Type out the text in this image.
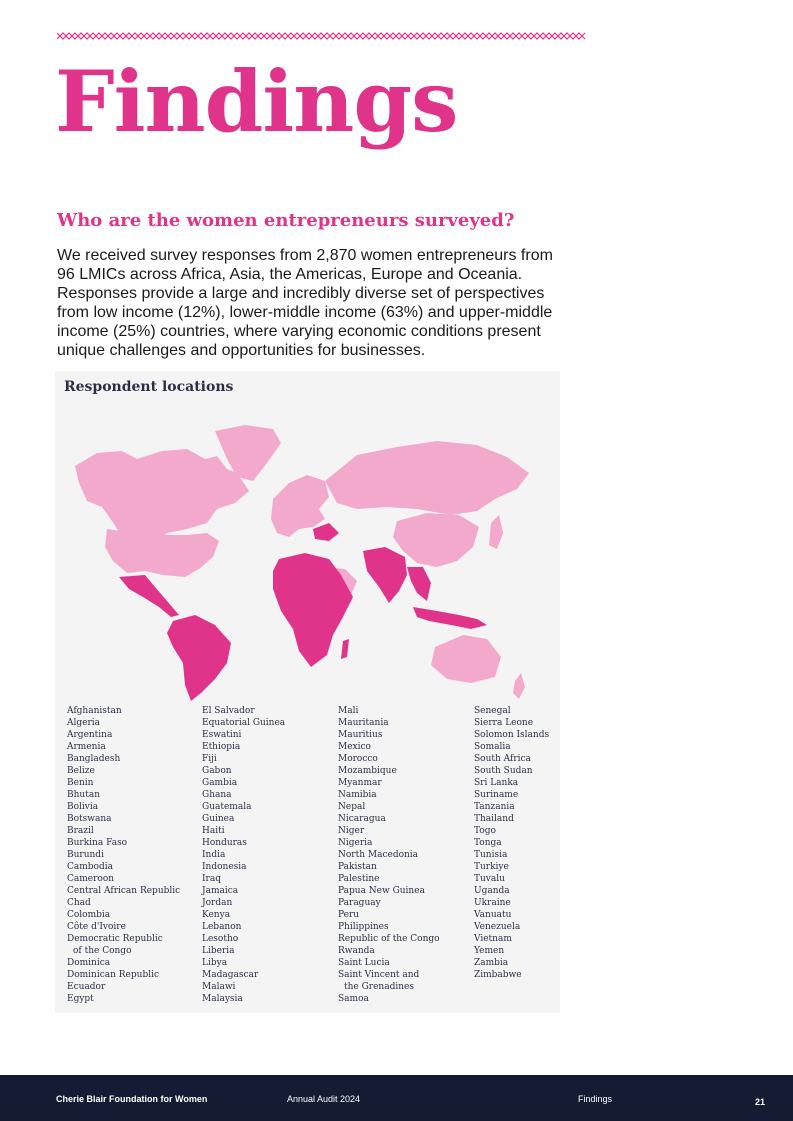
Findings
Who are the women entrepreneurs surveyed?

We received survey responses from 2,870 women entrepreneurs from 96 LMICs across Africa, Asia, the Americas, Europe and Oceania. Responses provide a large and incredibly diverse set of perspectives from low income (12%), lower-middle income (63%) and upper-middle income (25%) countries, where varying economic conditions present unique challenges and opportunities for businesses.

Respondent locations
Afghanistan
Algeria
Argentina
Armenia
Bangladesh
Belize
Benin
Bhutan
Bolivia
Botswana
Brazil
Burkina Faso
Burundi
Cambodia
Cameroon
Central African Republic
Chad
Colombia
Côte d'Ivoire
Democratic Republic
of the Congo
Dominica
Dominican Republic
Ecuador
Egypt
El Salvador
Equatorial Guinea
Eswatini
Ethiopia
Fiji
Gabon
Gambia
Ghana
Guatemala
Guinea
Haiti
Honduras
India
Indonesia
Iraq
Jamaica
Jordan
Kenya
Lebanon
Lesotho
Liberia
Libya
Madagascar
Malawi
Malaysia
Mali
Mauritania
Mauritius
Mexico
Morocco
Mozambique
Myanmar
Namibia
Nepal
Nicaragua
Niger
Nigeria
North Macedonia
Pakistan
Palestine
Papua New Guinea
Paraguay
Peru
Philippines
Republic of the Congo
Rwanda
Saint Lucia
Saint Vincent and
the Grenadines
Samoa
Senegal
Sierra Leone
Solomon Islands
Somalia
South Africa
South Sudan
Sri Lanka
Suriname
Tanzania
Thailand
Togo
Tonga
Tunisia
Turkiye
Tuvalu
Uganda
Ukraine
Vanuatu
Venezuela
Vietnam
Yemen
Zambia
Zimbabwe
Cherie Blair Foundation for Women	Annual Audit 2024	Findings	21
